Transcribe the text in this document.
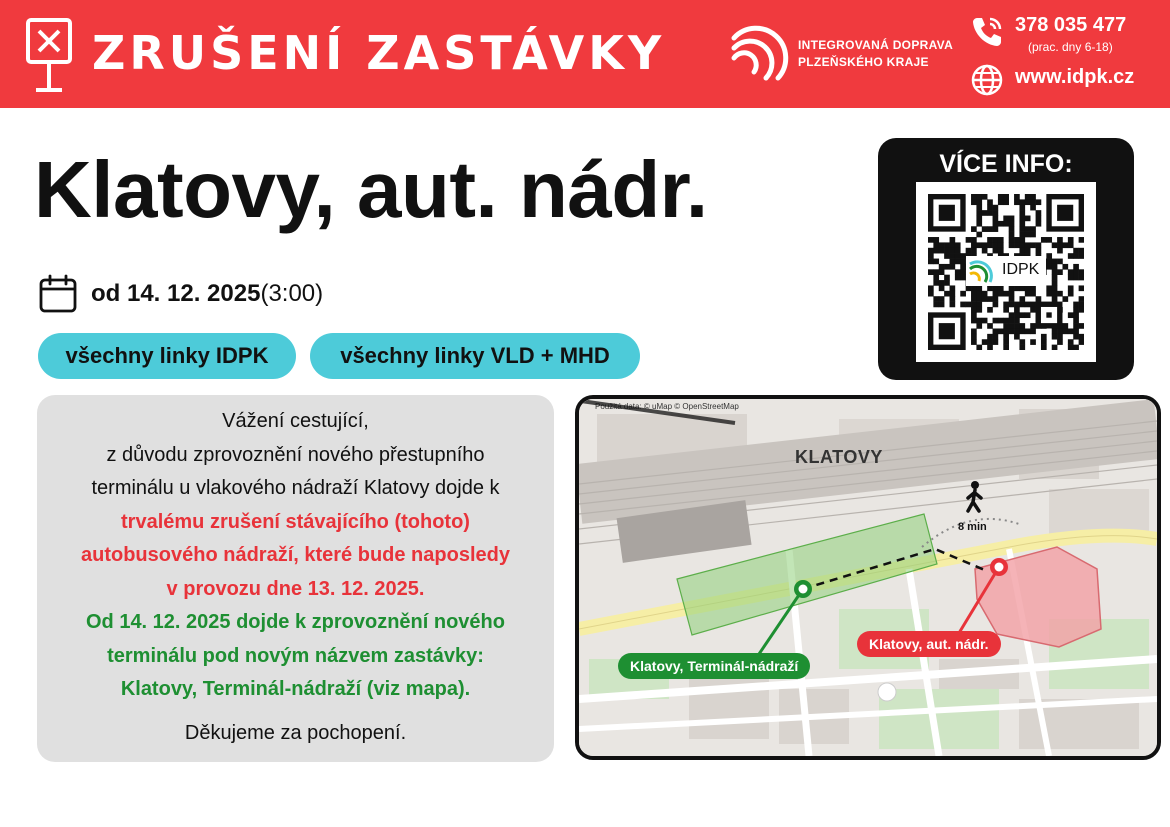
ZRUŠENÍ ZASTÁVKY	INTEGROVANÁ DOPRAVA
PLZEŇSKÉHO KRAJE
378 035 477
(prac. dny 6-18)
www.idpk.cz
Klatovy, aut. nádr.
od 14. 12. 2025(3:00)
všechny linky IDPK	všechny linky VLD + MHD
VÍCE INFO:
IDPK
Vážení cestující,
z důvodu zprovoznění nového přestupního
terminálu u vlakového nádraží Klatovy dojde k
trvalému zrušení stávajícího (tohoto)
autobusového nádraží, které bude naposledy
v provozu dne 13. 12. 2025.
Od 14. 12. 2025 dojde k zprovoznění nového
terminálu pod novým názvem zastávky:
Klatovy, Terminál-nádraží (viz mapa).
Děkujeme za pochopení.
Použitá data: © uMap © OpenStreetMap
KLATOVY
8 min
Klatovy, Terminál-nádraží
Klatovy, aut. nádr.
